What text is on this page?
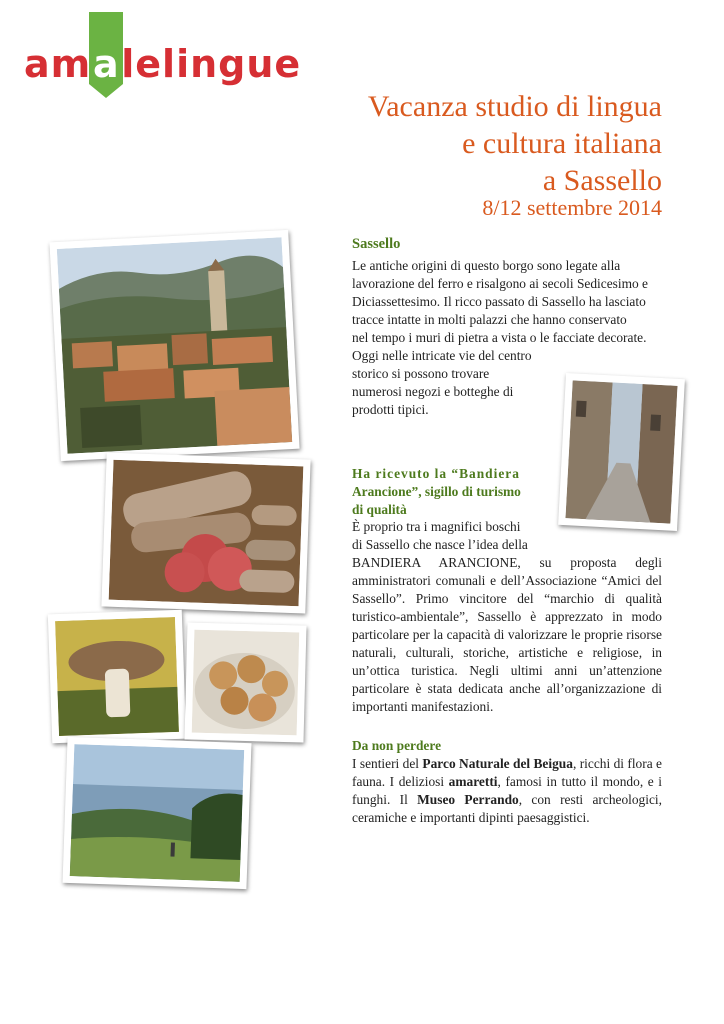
am lelingue
a
Vacanza studio di lingua
e cultura italiana
a Sassello
8/12 settembre 2014
Sassello
Le antiche origini di questo borgo sono legate alla
lavorazione del ferro e risalgono ai secoli Sedicesimo e
Diciassettesimo. Il ricco passato di Sassello ha lasciato
tracce intatte in molti palazzi che hanno conservato
nel tempo i muri di pietra a vista o le facciate decorate.
Oggi nelle intricate vie del centro
storico si possono trovare
numerosi negozi e botteghe di
prodotti tipici.
Ha ricevuto la “Bandiera
Arancione”, sigillo di turismo
di qualità
È proprio tra i magnifici boschi
di Sassello che nasce l’idea della
BANDIERA ARANCIONE, su proposta degli amministratori comunali e dell’Associazione “Amici del Sassello”. Primo vincitore del “marchio di qualità turistico-ambientale”, Sassello è apprezzato in modo particolare per la capacità di valorizzare le proprie risorse naturali, culturali, storiche, artistiche e religiose, in un’ottica turistica. Negli ultimi anni un’attenzione particolare è stata dedicata anche all’organizzazione di importanti manifestazioni.
Da non perdere
I sentieri del Parco Naturale del Beigua, ricchi di flora e fauna. I deliziosi amaretti, famosi in tutto il mondo, e i funghi. Il Museo Perrando, con resti archeologici, ceramiche e importanti dipinti paesaggistici.
